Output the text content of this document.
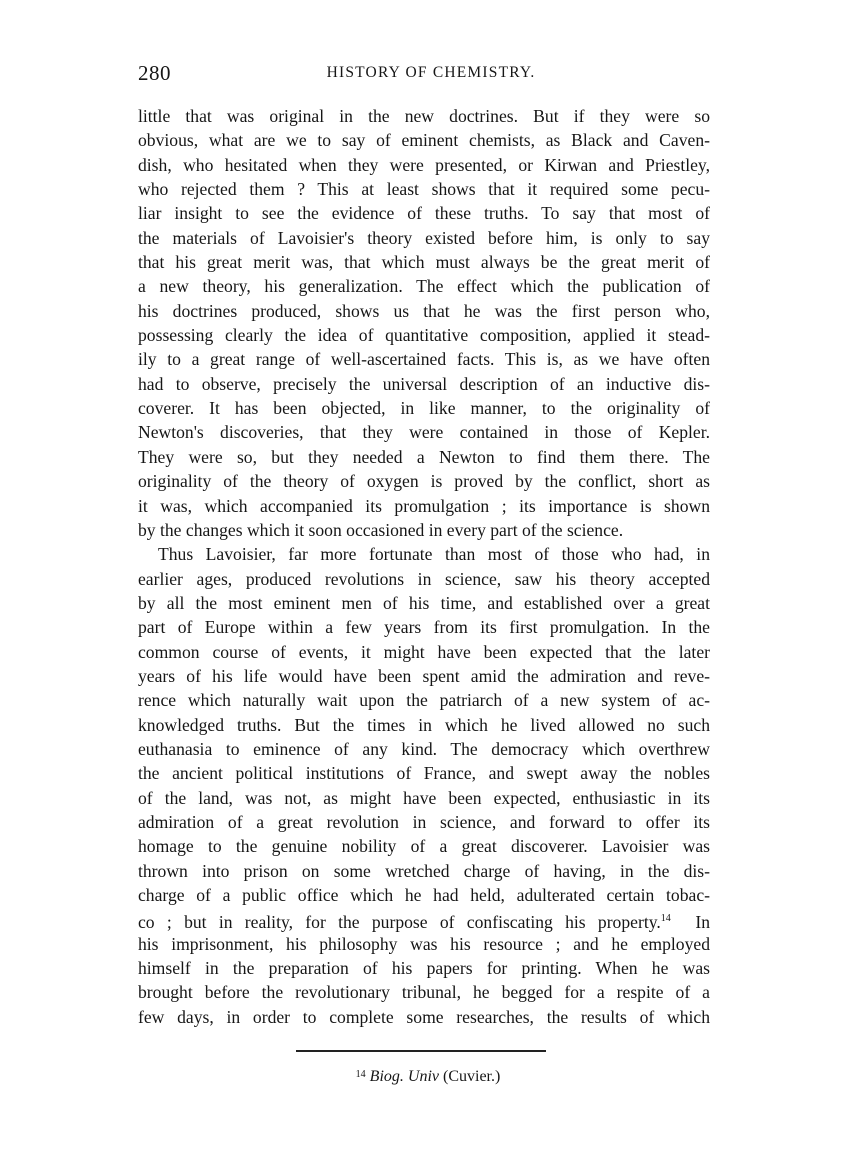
280	HISTORY OF CHEMISTRY.
little that was original in the new doctrines. But if they were so
obvious, what are we to say of eminent chemists, as Black and Caven-
dish, who hesitated when they were presented, or Kirwan and Priestley,
who rejected them ? This at least shows that it required some pecu-
liar insight to see the evidence of these truths. To say that most of
the materials of Lavoisier's theory existed before him, is only to say
that his great merit was, that which must always be the great merit of
a new theory, his generalization. The effect which the publication of
his doctrines produced, shows us that he was the first person who,
possessing clearly the idea of quantitative composition, applied it stead-
ily to a great range of well-ascertained facts. This is, as we have often
had to observe, precisely the universal description of an inductive dis-
coverer. It has been objected, in like manner, to the originality of
Newton's discoveries, that they were contained in those of Kepler.
They were so, but they needed a Newton to find them there. The
originality of the theory of oxygen is proved by the conflict, short as
it was, which accompanied its promulgation ; its importance is shown
by the changes which it soon occasioned in every part of the science.
Thus Lavoisier, far more fortunate than most of those who had, in
earlier ages, produced revolutions in science, saw his theory accepted
by all the most eminent men of his time, and established over a great
part of Europe within a few years from its first promulgation. In the
common course of events, it might have been expected that the later
years of his life would have been spent amid the admiration and reve-
rence which naturally wait upon the patriarch of a new system of ac-
knowledged truths. But the times in which he lived allowed no such
euthanasia to eminence of any kind. The democracy which overthrew
the ancient political institutions of France, and swept away the nobles
of the land, was not, as might have been expected, enthusiastic in its
admiration of a great revolution in science, and forward to offer its
homage to the genuine nobility of a great discoverer. Lavoisier was
thrown into prison on some wretched charge of having, in the dis-
charge of a public office which he had held, adulterated certain tobac-
co ; but in reality, for the purpose of confiscating his property.$^{14}$ In
his imprisonment, his philosophy was his resource ; and he employed
himself in the preparation of his papers for printing. When he was
brought before the revolutionary tribunal, he begged for a respite of a
few days, in order to complete some researches, the results of which
$^{14}$ Biog. Univ (Cuvier.)
